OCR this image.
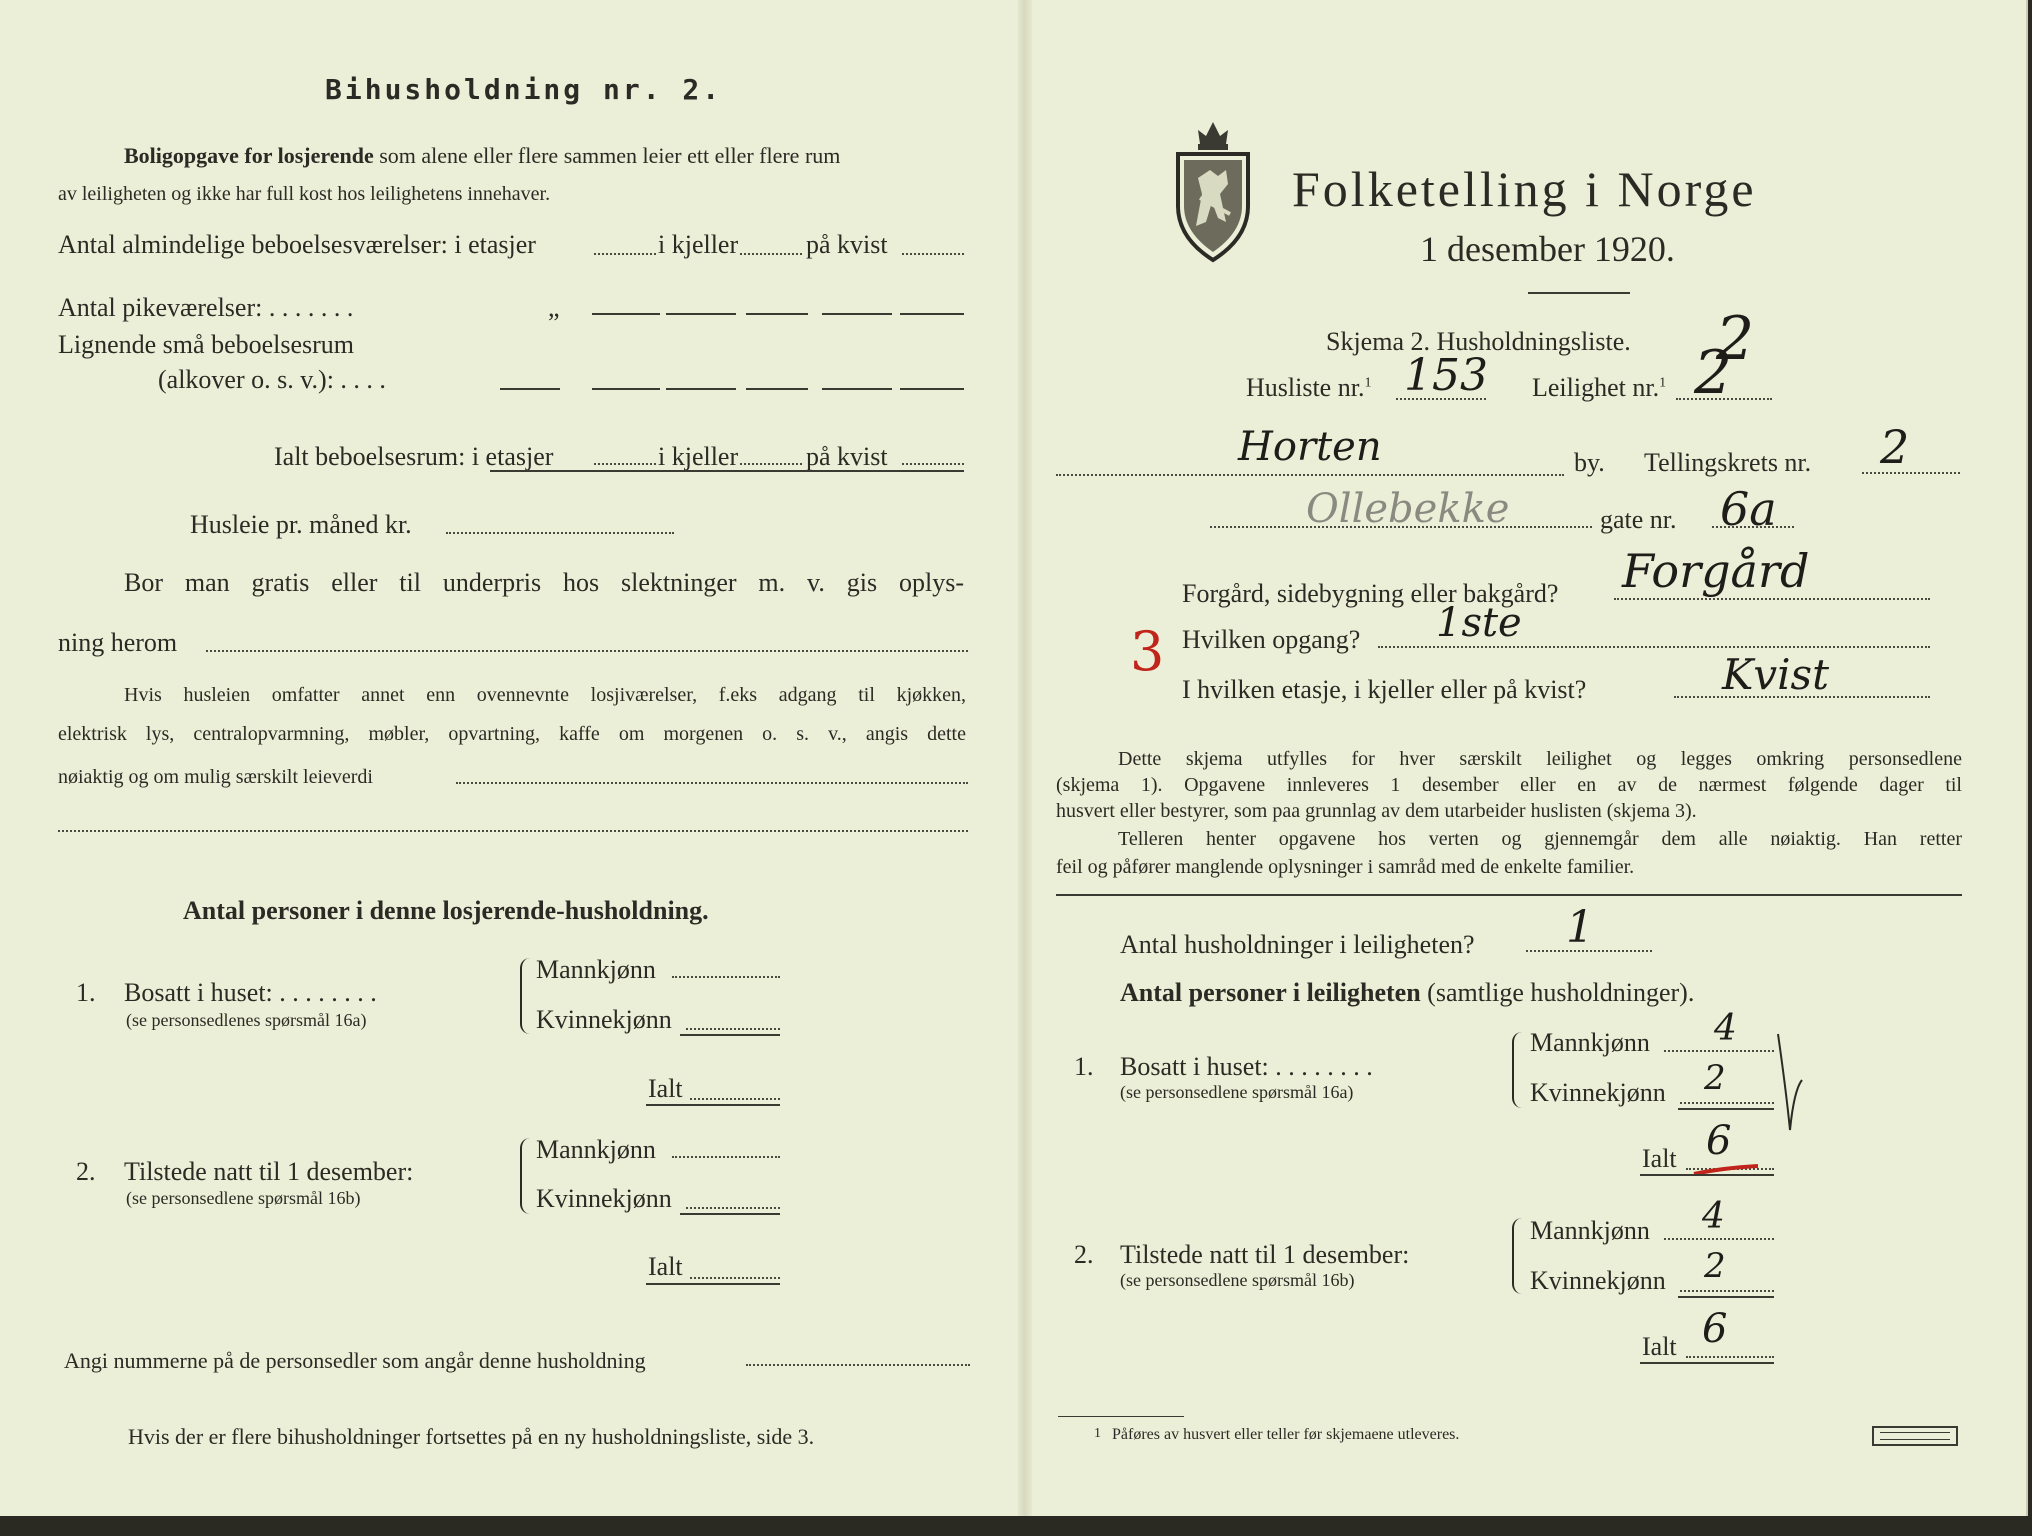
Bihusholdning nr. 2.
Boligopgave for losjerende som alene eller flere sammen leier ett eller flere rum
av leiligheten og ikke har full kost hos leilighetens innehaver.
Antal almindelige beboelsesværelser: i etasjer	i kjeller	på kvist
Antal pikeværelser: . . . . . . .	„
Lignende små beboelsesrum
(alkover o. s. v.): . . . .
Ialt beboelsesrum: i etasjer	i kjeller	på kvist
Husleie pr. måned kr.
Bor man gratis eller til underpris hos slektninger m. v. gis oplys-
ning herom
Hvis husleien omfatter annet enn ovennevnte losjiværelser, f.eks adgang til kjøkken,
elektrisk lys, centralopvarmning, møbler, opvartning, kaffe om morgenen o. s. v., angis dette
nøiaktig og om mulig særskilt leieverdi
Antal personer i denne losjerende-husholdning.
1. Bosatt i huset: . . . . . . . .
(se personsedlenes spørsmål 16a)
Mannkjønn
Kvinnekjønn
Ialt
2. Tilstede natt til 1 desember:
(se personsedlene spørsmål 16b)
Mannkjønn
Kvinnekjønn
Ialt
Angi nummerne på de personsedler som angår denne husholdning
Hvis der er flere bihusholdninger fortsettes på en ny husholdningsliste, side 3.
Folketelling i Norge
1 desember 1920.
Skjema 2. Husholdningsliste. 2
Husliste nr.$^1$ 153 Leilighet nr.$^1$ 2
Horten	by. Tellingskrets nr. 2
Ollebekke	gate nr. 6a
Forgård, sidebygning eller bakgård? Forgård
3 Hvilken opgang? 1ste
I hvilken etasje, i kjeller eller på kvist?	Kvist
Dette skjema utfylles for hver særskilt leilighet og legges omkring personsedlene
(skjema 1). Opgavene innleveres 1 desember eller en av de nærmest følgende dager til
husvert eller bestyrer, som paa grunnlag av dem utarbeider huslisten (skjema 3).
Telleren henter opgavene hos verten og gjennemgår dem alle nøiaktig. Han retter
feil og påfører manglende oplysninger i samråd med de enkelte familier.
Antal husholdninger i leiligheten? 1
Antal personer i leiligheten (samtlige husholdninger).
1. Bosatt i huset: . . . . . . . .
(se personsedlene spørsmål 16a)
Mannkjønn 4
Kvinnekjønn 2
Ialt 6
2. Tilstede natt til 1 desember:
(se personsedlene spørsmål 16b)
Mannkjønn 4
Kvinnekjønn 2
Ialt 6
1 Påføres av husvert eller teller før skjemaene utleveres.
